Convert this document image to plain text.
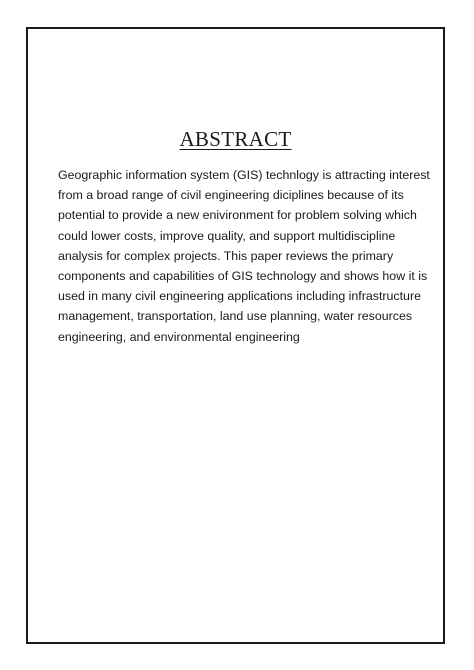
ABSTRACT

Geographic information system (GIS) technlogy is attracting interest
from a broad range of civil engineering diciplines because of its
potential to provide a new enivironment for problem solving which
could lower costs, improve quality, and support multidiscipline
analysis for complex projects. This paper reviews the primary
components and capabilities of GIS technology and shows how it is
used in many civil engineering applications including infrastructure
management, transportation, land use planning, water resources
engineering, and environmental engineering
